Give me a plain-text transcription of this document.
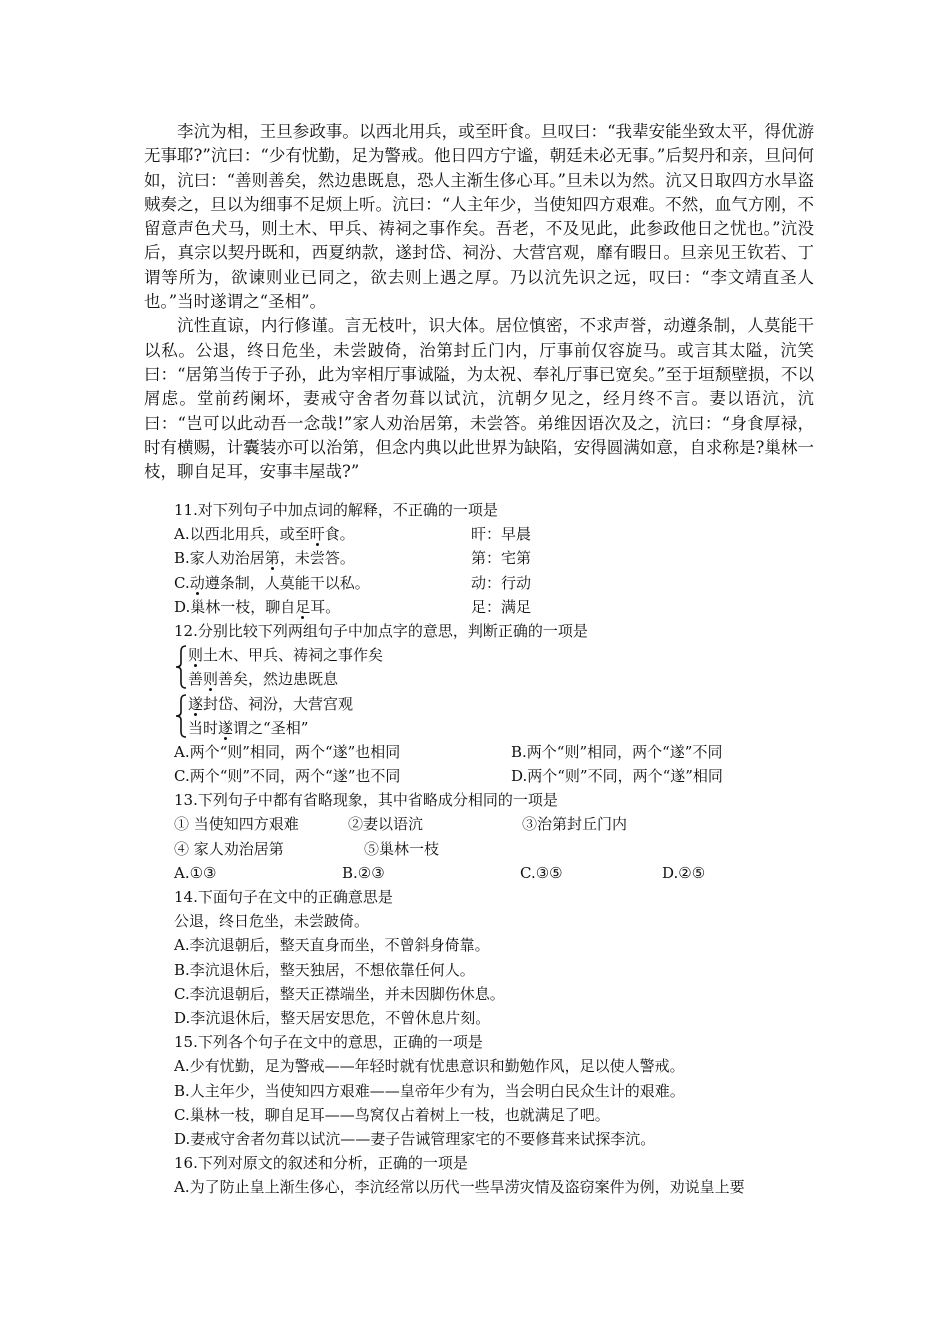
李沆为相，王旦参政事。以西北用兵，或至旰食。旦叹曰：“我辈安能坐致太平，得优游无事耶?”沆曰：“少有忧勤，足为警戒。他日四方宁谧，朝廷未必无事。”后契丹和亲，旦问何如，沆曰：“善则善矣，然边患既息，恐人主渐生侈心耳。”旦未以为然。沆又日取四方水旱盗贼奏之，旦以为细事不足烦上听。沆曰：“人主年少，当使知四方艰难。不然，血气方刚，不留意声色犬马，则土木、甲兵、祷祠之事作矣。吾老，不及见此，此参政他日之忧也。”沆没后，真宗以契丹既和，西夏纳款，遂封岱、祠汾、大营宫观，靡有暇日。旦亲见王钦若、丁谓等所为，欲谏则业已同之，欲去则上遇之厚。乃以沆先识之远，叹曰：“李文靖直圣人也。”当时遂谓之“圣相”。

沆性直谅，内行修谨。言无枝叶，识大体。居位慎密，不求声誉，动遵条制，人莫能干以私。公退，终日危坐，未尝跛倚，治第封丘门内，厅事前仅容旋马。或言其太隘，沆笑曰：“居第当传于子孙，此为宰相厅事诚隘，为太祝、奉礼厅事已宽矣。”至于垣颓壁损，不以屑虑。堂前药阑坏，妻戒守舍者勿葺以试沆，沆朝夕见之，经月终不言。妻以语沆，沆曰：“岂可以此动吾一念哉!”家人劝治居第，未尝答。弟维因语次及之，沆曰：“身食厚禄，时有横赐，计囊装亦可以治第，但念内典以此世界为缺陷，安得圆满如意，自求称是?巢林一枝，聊自足耳，安事丰屋哉?”

11.对下列句子中加点词的解释，不正确的一项是
A.以西北用兵，或至旰食。	旰：早晨
B.家人劝治居第，未尝答。	第：宅第
C.动遵条制，人莫能干以私。	动：行动
D.巢林一枝，聊自足耳。	足：满足
12.分别比较下列两组句子中加点字的意思，判断正确的一项是
则土木、甲兵、祷祠之事作矣
善则善矣，然边患既息
遂封岱、祠汾，大营宫观
当时遂谓之“圣相”
A.两个“则”相同，两个“遂”也相同	B.两个“则”相同，两个“遂”不同
C.两个“则”不同，两个“遂”也不同	D.两个“则”不同，两个“遂”相同
13.下列句子中都有省略现象，其中省略成分相同的一项是
① 当使知四方艰难	②妻以语沆	③治第封丘门内
④ 家人劝治居第	⑤巢林一枝
A.①③	B.②③	C.③⑤	D.②⑤
14.下面句子在文中的正确意思是
公退，终日危坐，未尝跛倚。
A.李沆退朝后，整天直身而坐，不曾斜身倚靠。
B.李沆退休后，整天独居，不想依靠任何人。
C.李沆退朝后，整天正襟端坐，并未因脚伤休息。
D.李沆退休后，整天居安思危，不曾休息片刻。
15.下列各个句子在文中的意思，正确的一项是
A.少有忧勤，足为警戒——年轻时就有忧患意识和勤勉作风，足以使人警戒。
B.人主年少，当使知四方艰难——皇帝年少有为，当会明白民众生计的艰难。
C.巢林一枝，聊自足耳——鸟窝仅占着树上一枝，也就满足了吧。
D.妻戒守舍者勿葺以试沆——妻子告诫管理家宅的不要修葺来试探李沆。
16.下列对原文的叙述和分析，正确的一项是
A.为了防止皇上渐生侈心，李沆经常以历代一些旱涝灾情及盗窃案件为例，劝说皇上要
